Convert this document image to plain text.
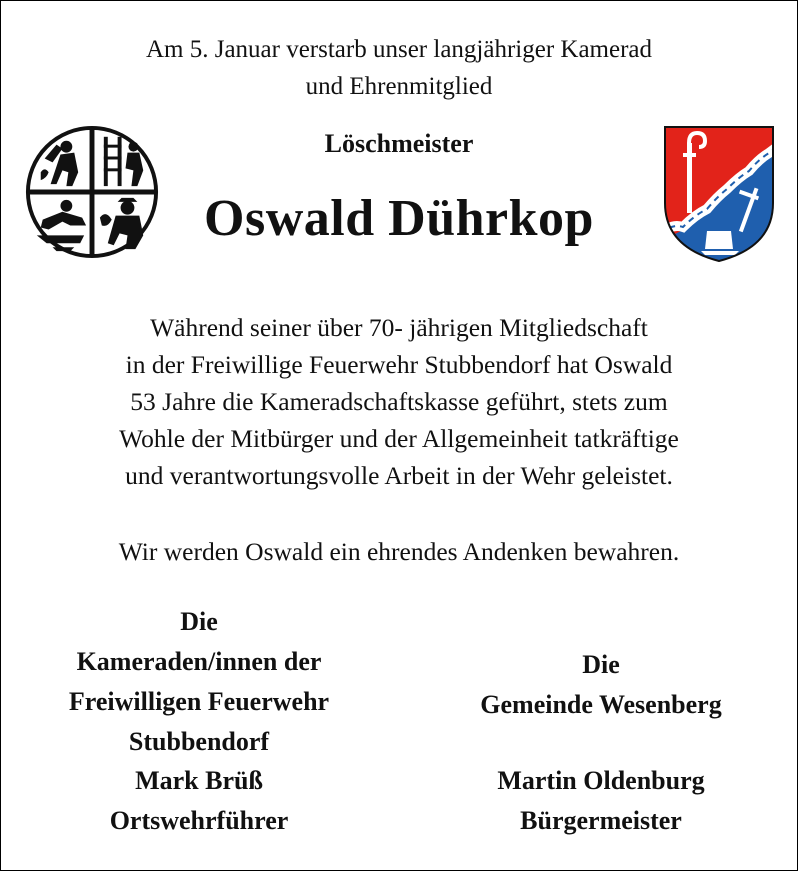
Am 5. Januar verstarb unser langjähriger Kamerad
und Ehrenmitglied
Löschmeister
Oswald Dührkop
Während seiner über 70- jährigen Mitgliedschaft
in der Freiwillige Feuerwehr Stubbendorf hat Oswald
53 Jahre die Kameradschaftskasse geführt, stets zum
Wohle der Mitbürger und der Allgemeinheit tatkräftige
und verantwortungsvolle Arbeit in der Wehr geleistet.
Wir werden Oswald ein ehrendes Andenken bewahren.
Die
Kameraden/innen der
Freiwilligen Feuerwehr
Stubbendorf
Die
Gemeinde Wesenberg
Mark Brüß
Ortswehrführer
Martin Oldenburg
Bürgermeister
